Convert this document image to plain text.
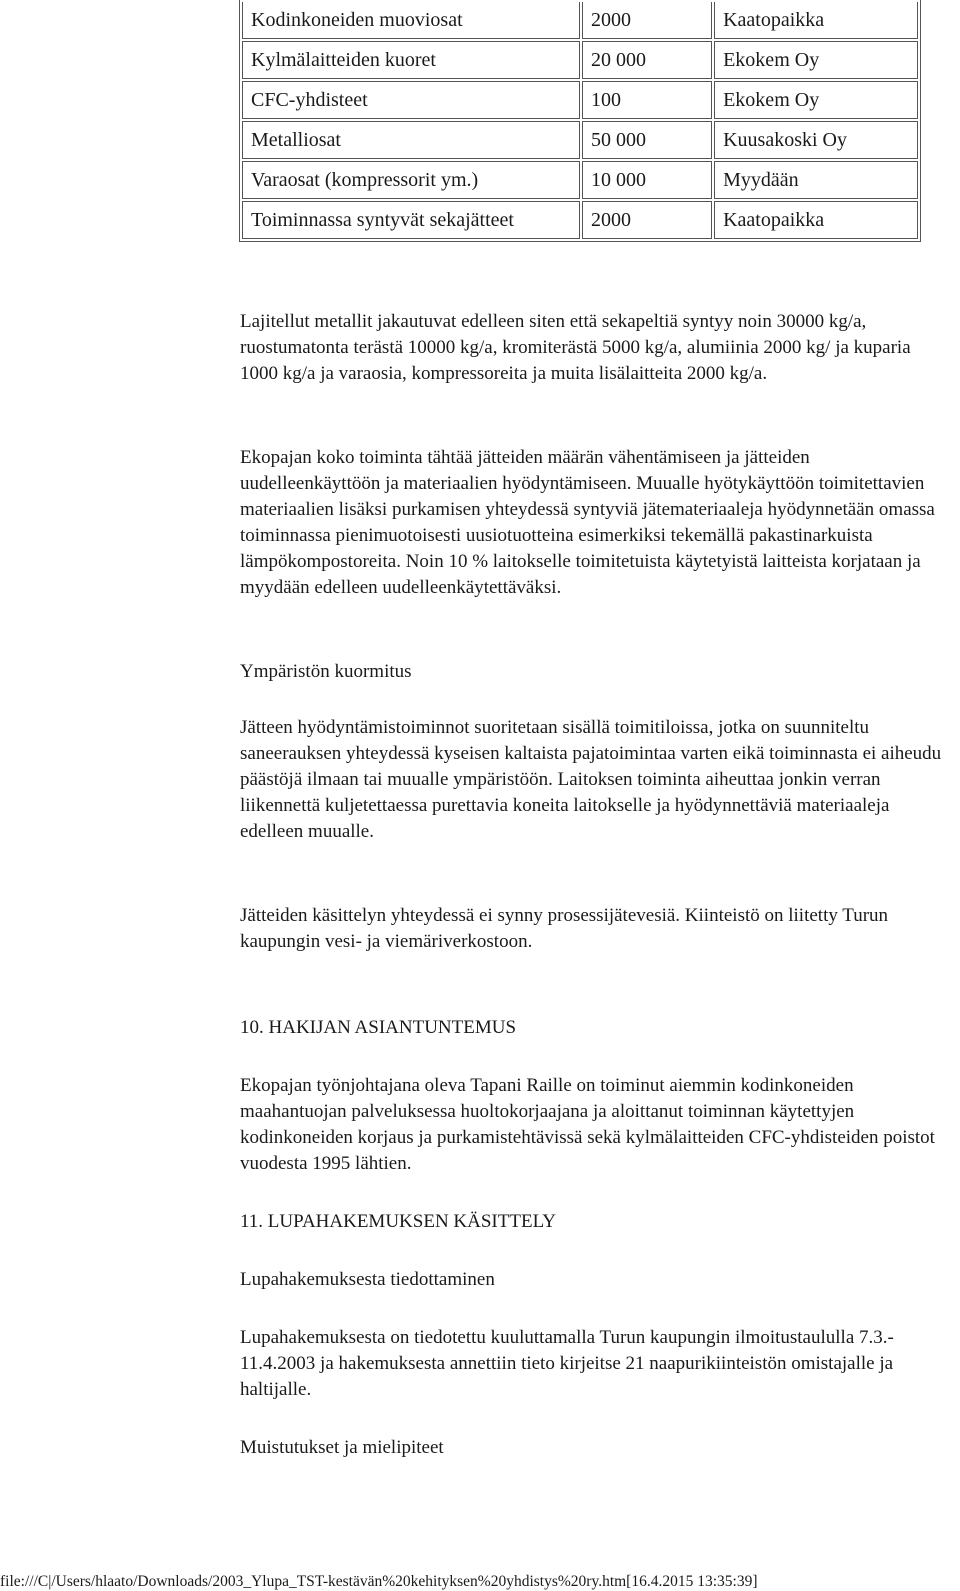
Kodinkoneiden muoviosat	2000	Kaatopaikka
Kylmälaitteiden kuoret	20 000	Ekokem Oy
CFC-yhdisteet	100	Ekokem Oy
Metalliosat	50 000	Kuusakoski Oy
Varaosat (kompressorit ym.)	10 000	Myydään
Toiminnassa syntyvät sekajätteet	2000	Kaatopaikka

Lajitellut metallit jakautuvat edelleen siten että sekapeltiä syntyy noin 30000 kg/a, ruostumatonta terästä 10000 kg/a, kromiterästä 5000 kg/a, alumiinia 2000 kg/ ja kuparia 1000 kg/a ja varaosia, kompressoreita ja muita lisälaitteita 2000 kg/a.

Ekopajan koko toiminta tähtää jätteiden määrän vähentämiseen ja jätteiden uudelleenkäyttöön ja materiaalien hyödyntämiseen. Muualle hyötykäyttöön toimitettavien materiaalien lisäksi purkamisen yhteydessä syntyviä jätemateriaaleja hyödynnetään omassa toiminnassa pienimuotoisesti uusiotuotteina esimerkiksi tekemällä pakastinarkuista lämpökompostoreita. Noin 10 % laitokselle toimitetuista käytetyistä laitteista korjataan ja myydään edelleen uudelleenkäytettäväksi.

Ympäristön kuormitus

Jätteen hyödyntämistoiminnot suoritetaan sisällä toimitiloissa, jotka on suunniteltu saneerauksen yhteydessä kyseisen kaltaista pajatoimintaa varten eikä toiminnasta ei aiheudu päästöjä ilmaan tai muualle ympäristöön. Laitoksen toiminta aiheuttaa jonkin verran liikennettä kuljetettaessa purettavia koneita laitokselle ja hyödynnettäviä materiaaleja edelleen muualle.

Jätteiden käsittelyn yhteydessä ei synny prosessijätevesiä. Kiinteistö on liitetty Turun kaupungin vesi- ja viemäriverkostoon.

10. HAKIJAN ASIANTUNTEMUS

Ekopajan työnjohtajana oleva Tapani Raille on toiminut aiemmin kodinkoneiden maahantuojan palveluksessa huoltokorjaajana ja aloittanut toiminnan käytettyjen kodinkoneiden korjaus ja purkamistehtävissä sekä kylmälaitteiden CFC-yhdisteiden poistot vuodesta 1995 lähtien.

11. LUPAHAKEMUKSEN KÄSITTELY

Lupahakemuksesta tiedottaminen

Lupahakemuksesta on tiedotettu kuuluttamalla Turun kaupungin ilmoitustaululla 7.3.- 11.4.2003 ja hakemuksesta annettiin tieto kirjeitse 21 naapurikiinteistön omistajalle ja haltijalle.

Muistutukset ja mielipiteet

file:///C|/Users/hlaato/Downloads/2003_Ylupa_TST-kestävän%20kehityksen%20yhdistys%20ry.htm[16.4.2015 13:35:39]
